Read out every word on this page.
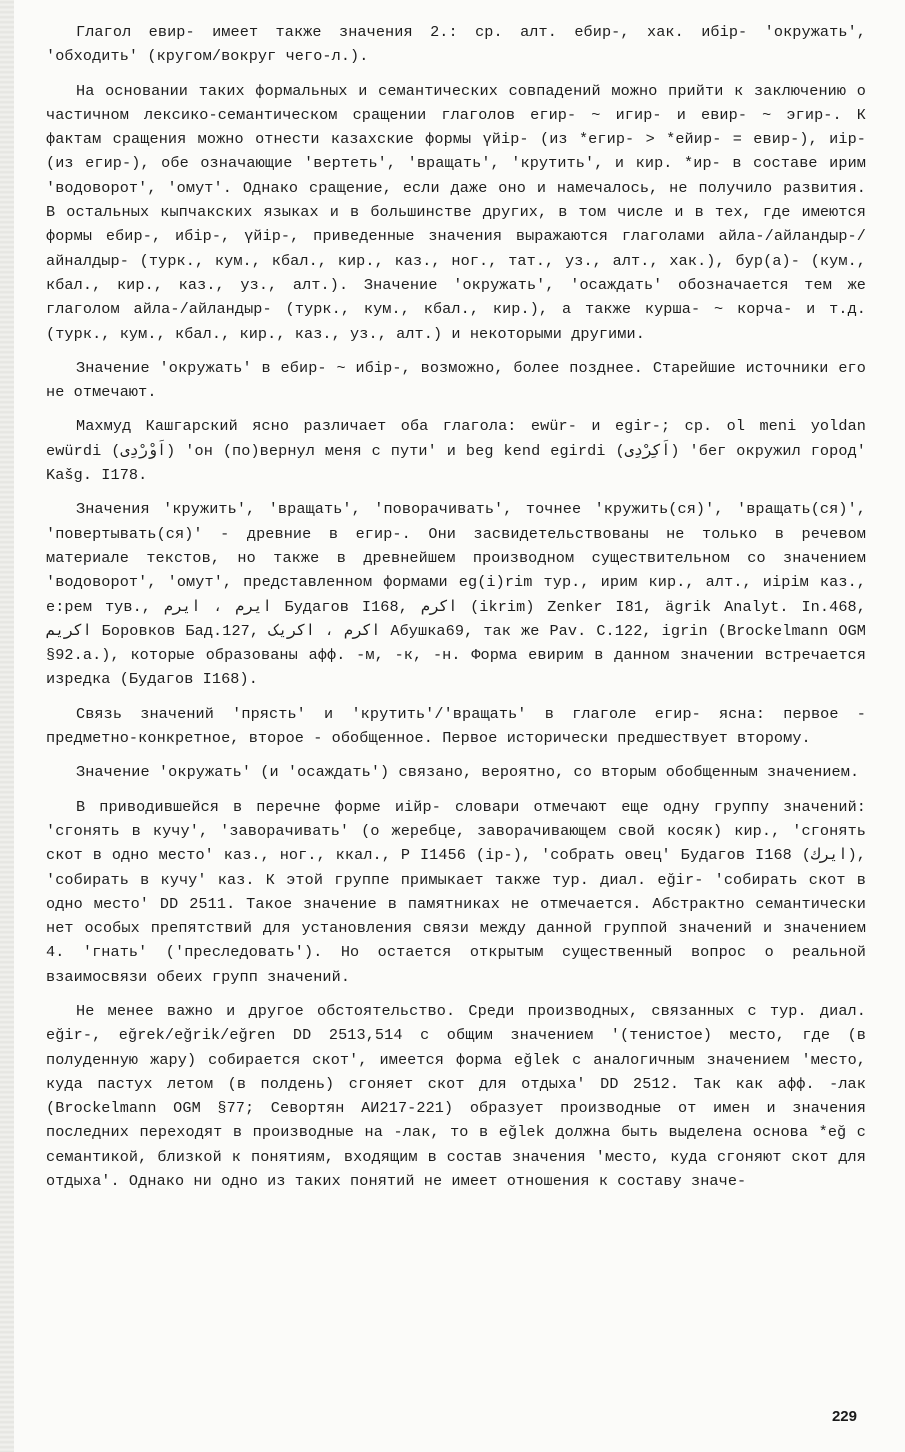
Глагол евир- имеет также значения 2.: ср. алт. ебир-, хак. ибір- 'окружать', 'обходить' (кругом/вокруг чего-л.).

На основании таких формальных и семантических совпадений можно прийти к заключению о частичном лексико-семантическом сращении глаголов егир- ~ игир- и евир- ~ эгир-. К фактам сращения можно отнести казахские формы үйір- (из *егир- > *ейир- = евир-), иір- (из егир-), обе означающие 'вертеть', 'вращать', 'крутить', и кир. *ир- в составе ирим 'водоворот', 'омут'. Однако сращение, если даже оно и намечалось, не получило развития. В остальных кыпчакских языках и в большинстве других, в том числе и в тех, где имеются формы ебир-, ибір-, үйір-, приведенные значения выражаются глаголами айла-/айландыр-/айналдыр- (турк., кум., кбал., кир., каз., ног., тат., уз., алт., хак.), бур(а)- (кум., кбал., кир., каз., уз., алт.). Значение 'окружать', 'осаждать' обозначается тем же глаголом айла-/айландыр- (турк., кум., кбал., кир.), а также курша- ~ корча- и т.д. (турк., кум., кбал., кир., каз., уз., алт.) и некоторыми другими.

Значение 'окружать' в ебир- ~ ибір-, возможно, более позднее. Старейшие источники его не отмечают.

Махмуд Кашгарский ясно различает оба глагола: ewür- и egir-; ср. ol meni yoldan ewürdi (اَوْرْدِی) 'он (по)вернул меня с пути' и beg kend egirdi (اَكِرْدِی) 'бег окружил город' Kašg. I178.

Значения 'кружить', 'вращать', 'поворачивать', точнее 'кружить(ся)', 'вращать(ся)', 'повертывать(ся)' - древние в егир-. Они засвидетельствованы не только в речевом материале текстов, но также в древнейшем производном существительном со значением 'водоворот', 'омут', представленном формами eg(i)rim тур., ирим кир., алт., иірім каз., е:рем тув., ایرم ، ایرم Будагов I168, اکرم (ikrim) Zenker I81, ägrik Analyt. In.468, اکریم Боровков Бад.127, اکرم ، اکریک Абушка69, так же Pav. C.122, igrin (Brockelmann OGM §92.a.), которые образованы афф. -м, -к, -н. Форма евирим в данном значении встречается изредка (Будагов I168).

Связь значений 'прясть' и 'крутить'/'вращать' в глаголе егир- ясна: первое - предметно-конкретное, второе - обобщенное. Первое исторически предшествует второму.

Значение 'окружать' (и 'осаждать') связано, вероятно, со вторым обобщенным значением.

В приводившейся в перечне форме иійр- словари отмечают еще одну группу значений: 'сгонять в кучу', 'заворачивать' (о жеребце, заворачивающем свой косяк) кир., 'сгонять скот в одно место' каз., ног., ккал., Р I1456 (ір-), 'собрать овец' Будагов I168 (ایرك), 'собирать в кучу' каз. К этой группе примыкает также тур. диал. eğir- 'собирать скот в одно место' DD 2511. Такое значение в памятниках не отмечается. Абстрактно семантически нет особых препятствий для установления связи между данной группой значений и значением 4. 'гнать' ('преследовать'). Но остается открытым существенный вопрос о реальной взаимосвязи обеих групп значений.

Не менее важно и другое обстоятельство. Среди производных, связанных с тур. диал. eğir-, eğrek/eğrik/eğren DD 2513,514 с общим значением '(тенистое) место, где (в полуденную жару) собирается скот', имеется форма eğlek с аналогичным значением 'место, куда пастух летом (в полдень) сгоняет скот для отдыха' DD 2512. Так как афф. -лак (Brockelmann OGM §77; Севортян АИ217-221) образует производные от имен и значения последних переходят в производные на -лак, то в eğlek должна быть выделена основа *eğ с семантикой, близкой к понятиям, входящим в состав значения 'место, куда сгоняют скот для отдыха'. Однако ни одно из таких понятий не имеет отношения к составу значе-

229
